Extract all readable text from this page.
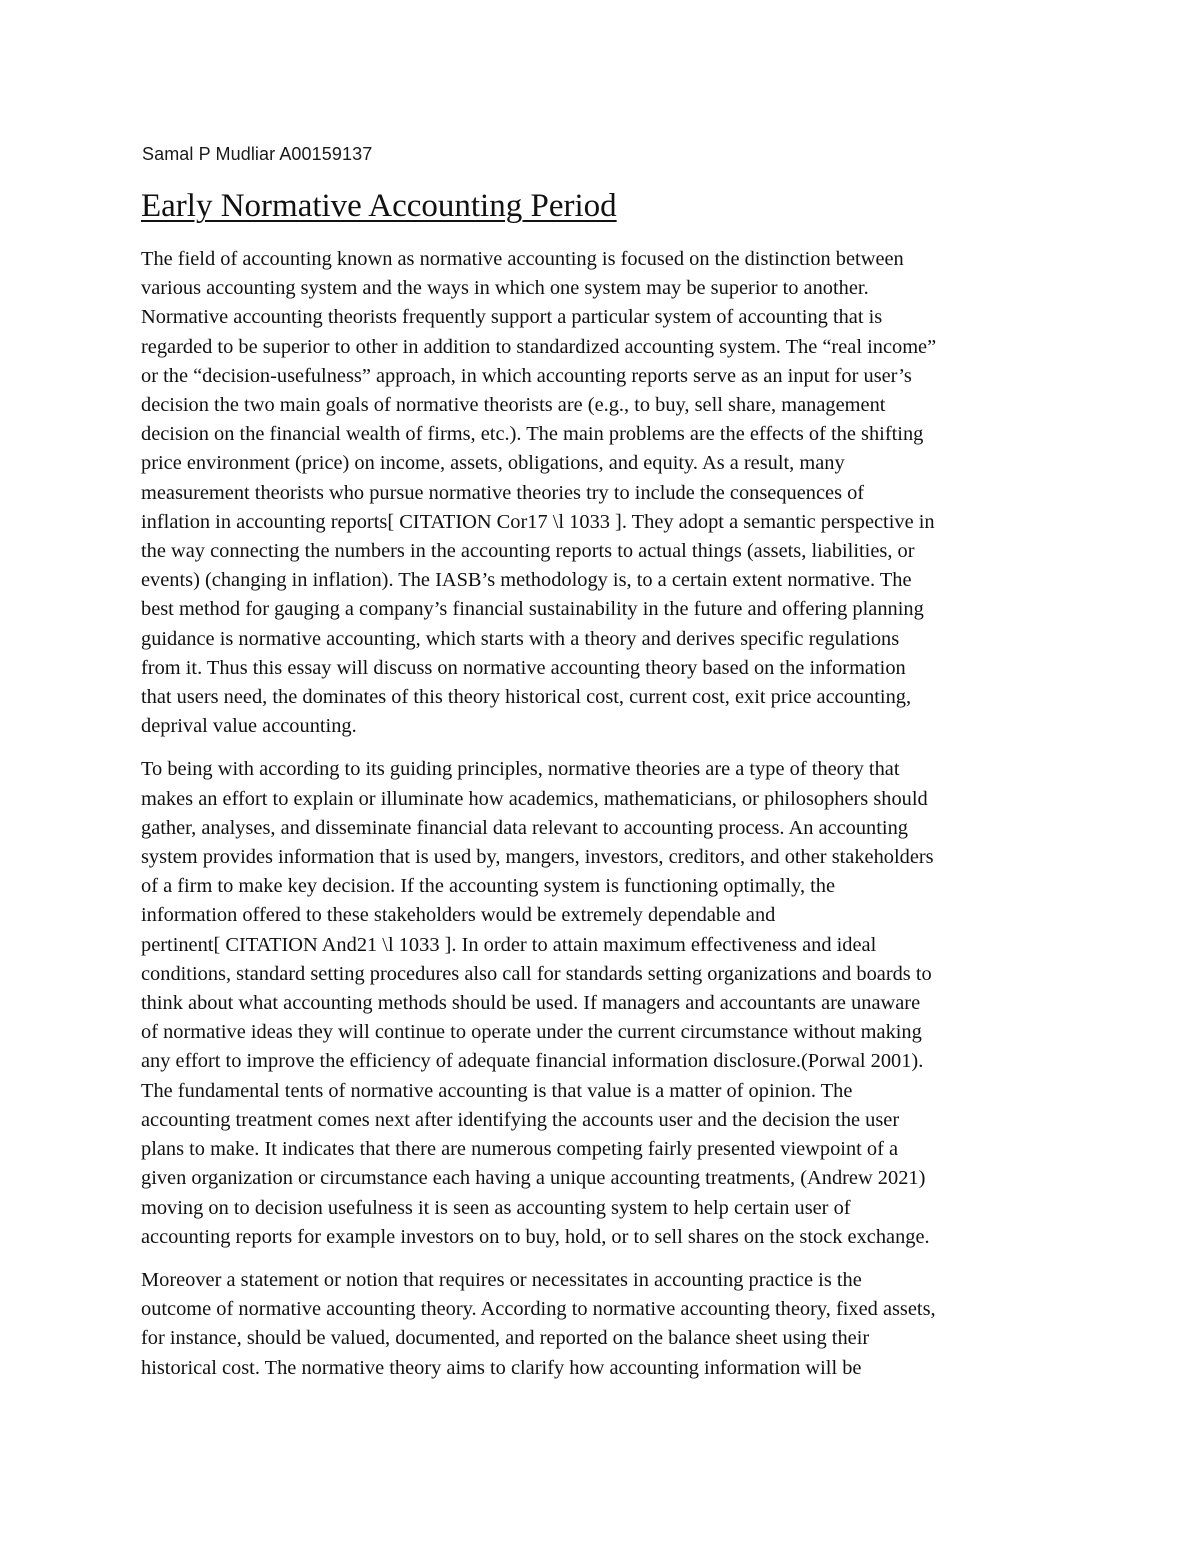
Samal P Mudliar A00159137
Early Normative Accounting Period
The field of accounting known as normative accounting is focused on the distinction between
various accounting system and the ways in which one system may be superior to another.
Normative accounting theorists frequently support a particular system of accounting that is
regarded to be superior to other in addition to standardized accounting system. The “real income”
or the “decision-usefulness” approach, in which accounting reports serve as an input for user’s
decision the two main goals of normative theorists are (e.g., to buy, sell share, management
decision on the financial wealth of firms, etc.). The main problems are the effects of the shifting
price environment (price) on income, assets, obligations, and equity. As a result, many
measurement theorists who pursue normative theories try to include the consequences of
inflation in accounting reports[ CITATION Cor17 \l 1033 ]. They adopt a semantic perspective in
the way connecting the numbers in the accounting reports to actual things (assets, liabilities, or
events) (changing in inflation). The IASB’s methodology is, to a certain extent normative. The
best method for gauging a company’s financial sustainability in the future and offering planning
guidance is normative accounting, which starts with a theory and derives specific regulations
from it. Thus this essay will discuss on normative accounting theory based on the information
that users need, the dominates of this theory historical cost, current cost, exit price accounting,
deprival value accounting.
To being with according to its guiding principles, normative theories are a type of theory that
makes an effort to explain or illuminate how academics, mathematicians, or philosophers should
gather, analyses, and disseminate financial data relevant to accounting process. An accounting
system provides information that is used by, mangers, investors, creditors, and other stakeholders
of a firm to make key decision. If the accounting system is functioning optimally, the
information offered to these stakeholders would be extremely dependable and
pertinent[ CITATION And21 \l 1033 ]. In order to attain maximum effectiveness and ideal
conditions, standard setting procedures also call for standards setting organizations and boards to
think about what accounting methods should be used. If managers and accountants are unaware
of normative ideas they will continue to operate under the current circumstance without making
any effort to improve the efficiency of adequate financial information disclosure.(Porwal 2001).
The fundamental tents of normative accounting is that value is a matter of opinion. The
accounting treatment comes next after identifying the accounts user and the decision the user
plans to make. It indicates that there are numerous competing fairly presented viewpoint of a
given organization or circumstance each having a unique accounting treatments, (Andrew 2021)
moving on to decision usefulness it is seen as accounting system to help certain user of
accounting reports for example investors on to buy, hold, or to sell shares on the stock exchange.
Moreover a statement or notion that requires or necessitates in accounting practice is the
outcome of normative accounting theory. According to normative accounting theory, fixed assets,
for instance, should be valued, documented, and reported on the balance sheet using their
historical cost. The normative theory aims to clarify how accounting information will be
